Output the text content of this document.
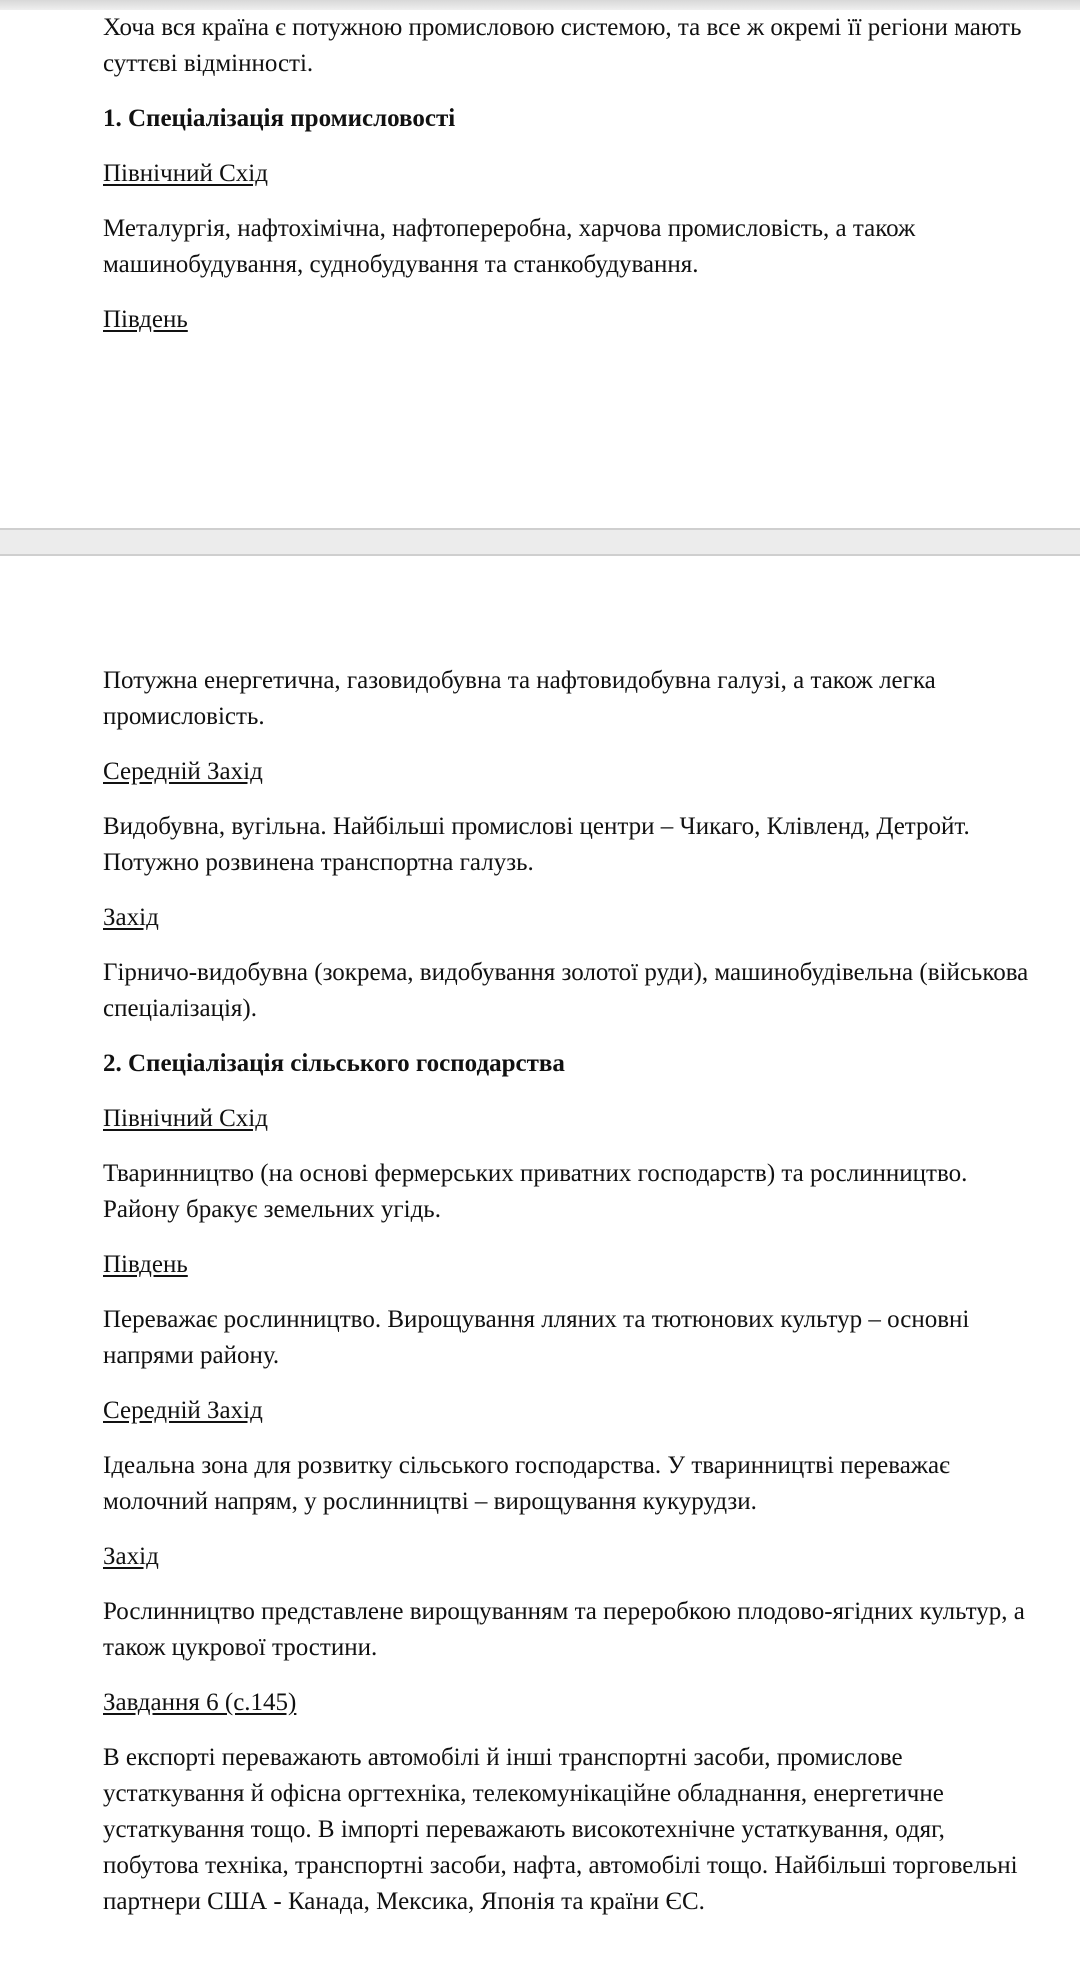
Хоча вся країна є потужною промисловою системою, та все ж окремі її регіони мають суттєві відмінності.

1. Спеціалізація промисловості

Північний Схід

Металургія, нафтохімічна, нафтопереробна, харчова промисловість, а також машинобудування, суднобудування та станкобудування.

Південь

Потужна енергетична, газовидобувна та нафтовидобувна галузі, а також легка промисловість.

Середній Захід

Видобувна, вугільна. Найбільші промислові центри – Чикаго, Клівленд, Детройт. Потужно розвинена транспортна галузь.

Захід

Гірничо-видобувна (зокрема, видобування золотої руди), машинобудівельна (військова спеціалізація).

2. Спеціалізація сільського господарства

Північний Схід

Тваринництво (на основі фермерських приватних господарств) та рослинництво. Району бракує земельних угідь.

Південь

Переважає рослинництво. Вирощування лляних та тютюнових культур – основні напрями району.

Середній Захід

Ідеальна зона для розвитку сільського господарства. У тваринництві переважає молочний напрям, у рослинництві – вирощування кукурудзи.

Захід

Рослинництво представлене вирощуванням та переробкою плодово-ягідних культур, а також цукрової тростини.

Завдання 6 (с.145)

В експорті переважають автомобілі й інші транспортні засоби, промислове устаткування й офісна оргтехніка, телекомунікаційне обладнання, енергетичне устаткування тощо. В імпорті переважають високотехнічне устаткування, одяг, побутова техніка, транспортні засоби, нафта, автомобілі тощо. Найбільші торговельні партнери США - Канада, Мексика, Японія та країни ЄС.
